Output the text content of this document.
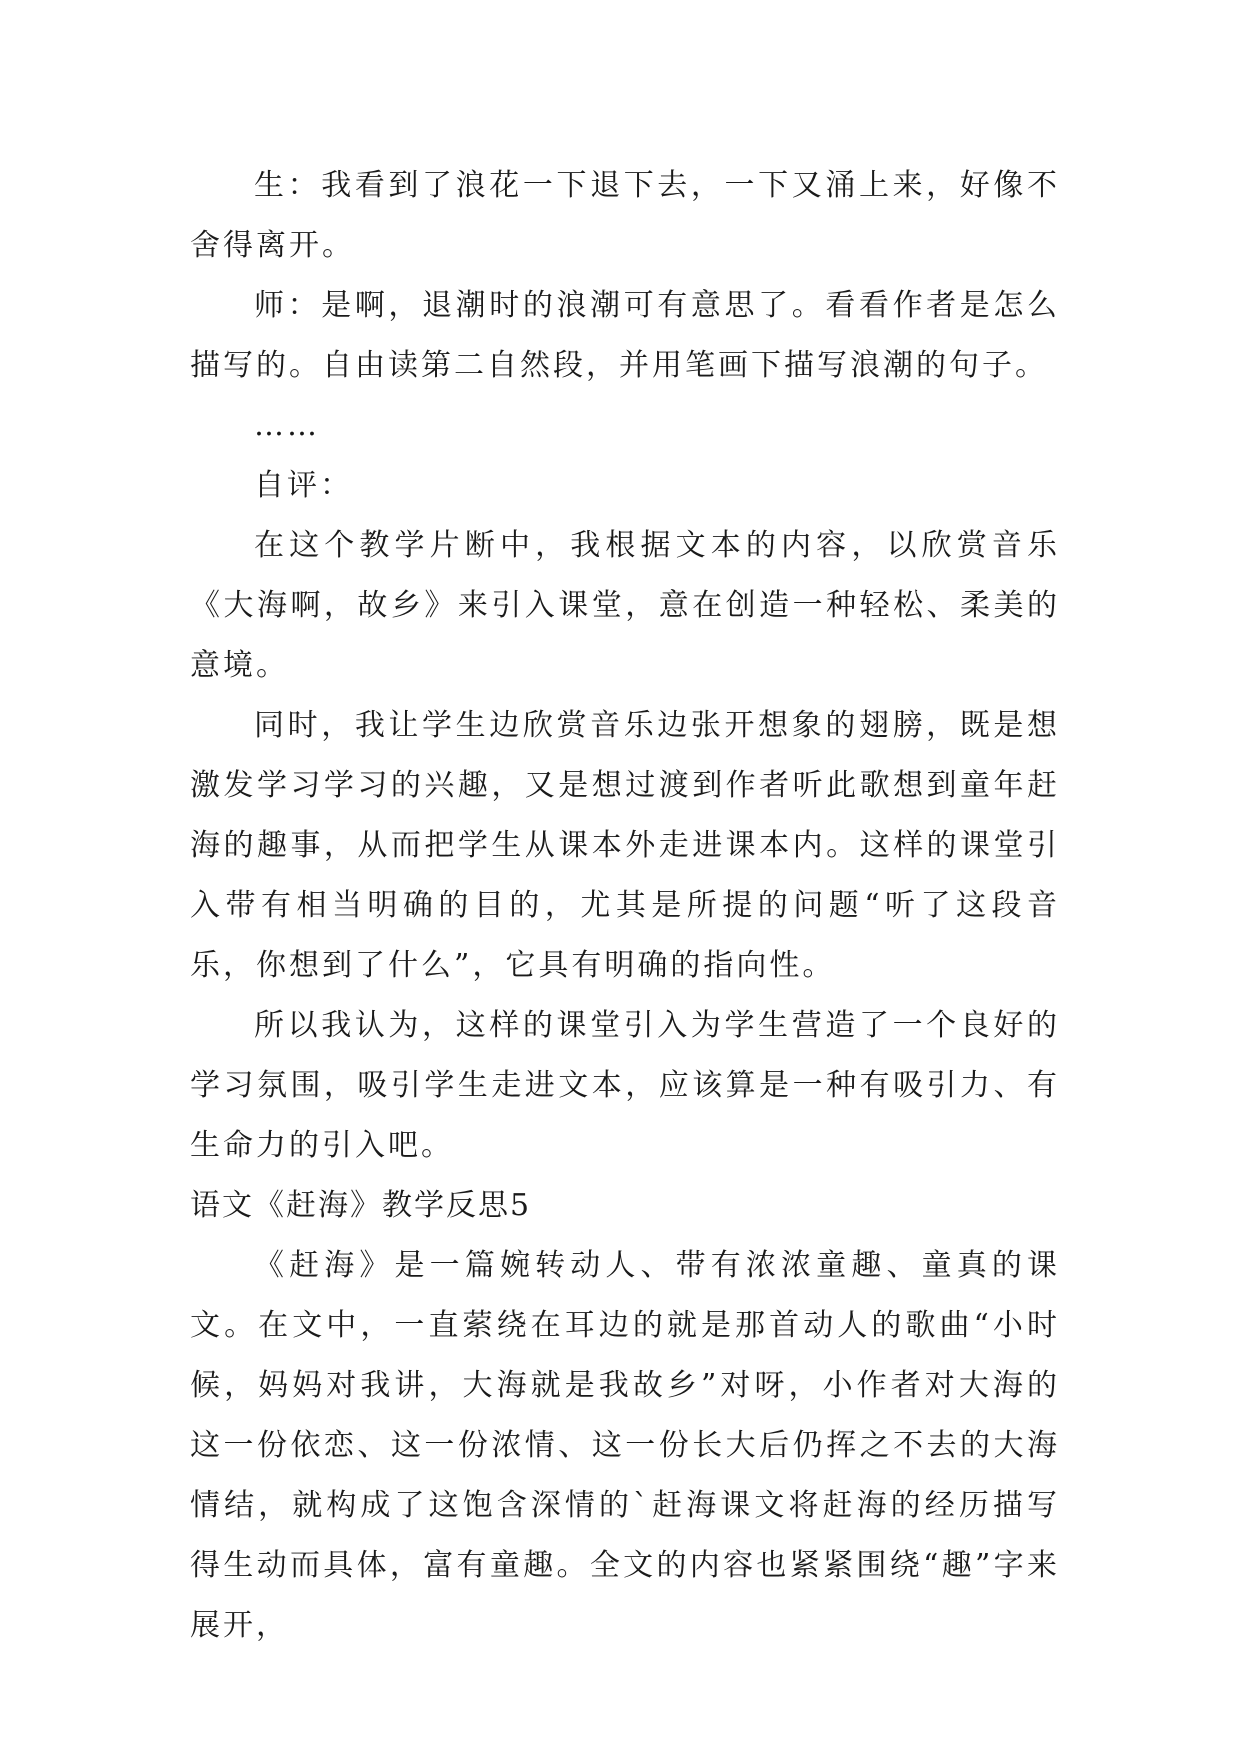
生：我看到了浪花一下退下去，一下又涌上来，好像不舍得离开。

师：是啊，退潮时的浪潮可有意思了。看看作者是怎么描写的。自由读第二自然段，并用笔画下描写浪潮的句子。

……

自评：

在这个教学片断中，我根据文本的内容，以欣赏音乐《大海啊，故乡》来引入课堂，意在创造一种轻松、柔美的意境。

同时，我让学生边欣赏音乐边张开想象的翅膀，既是想激发学习学习的兴趣，又是想过渡到作者听此歌想到童年赶海的趣事，从而把学生从课本外走进课本内。这样的课堂引入带有相当明确的目的，尤其是所提的问题“听了这段音乐，你想到了什么”，它具有明确的指向性。

所以我认为，这样的课堂引入为学生营造了一个良好的学习氛围，吸引学生走进文本，应该算是一种有吸引力、有生命力的引入吧。

语文《赶海》教学反思5

《赶海》是一篇婉转动人、带有浓浓童趣、童真的课文。在文中，一直萦绕在耳边的就是那首动人的歌曲“小时候，妈妈对我讲，大海就是我故乡”对呀，小作者对大海的这一份依恋、这一份浓情、这一份长大后仍挥之不去的大海情结，就构成了这饱含深情的`赶海课文将赶海的经历描写得生动而具体，富有童趣。全文的内容也紧紧围绕“趣”字来展开，
